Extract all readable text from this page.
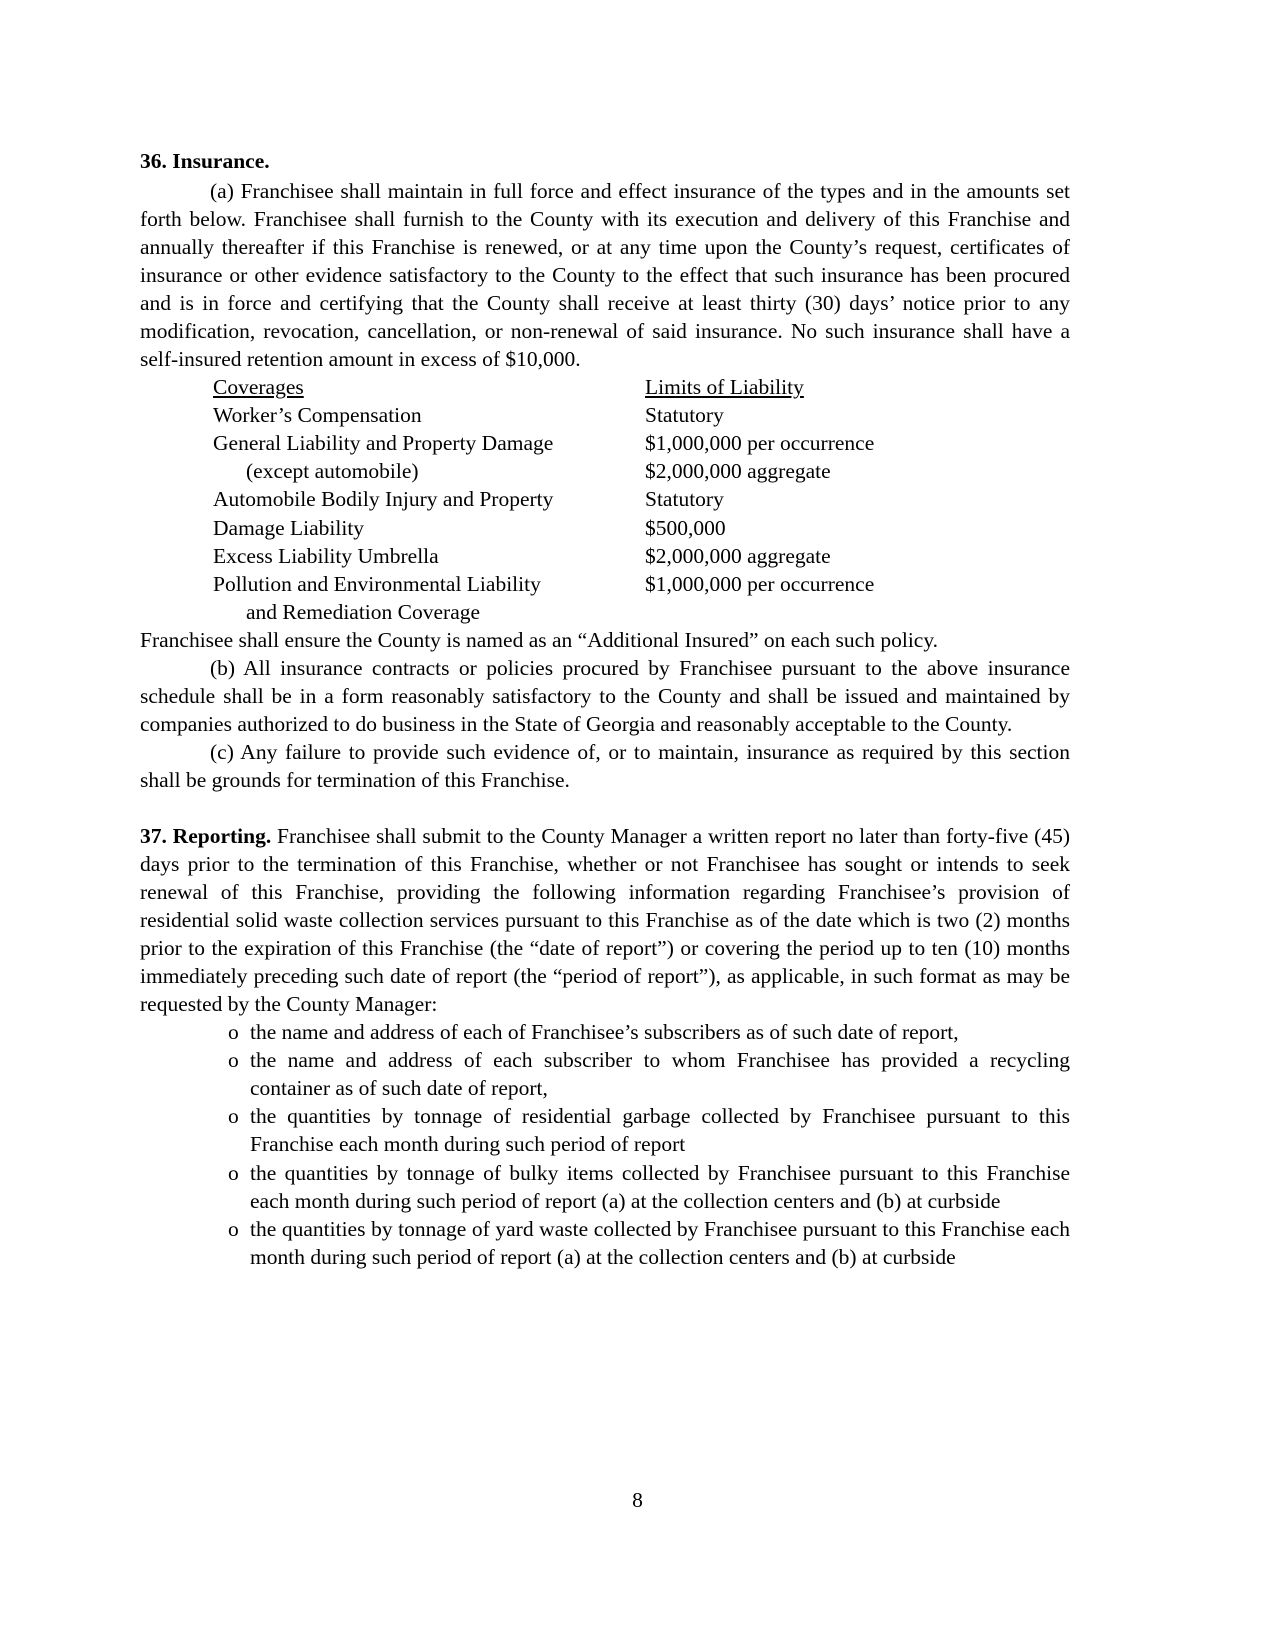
36. Insurance.

(a) Franchisee shall maintain in full force and effect insurance of the types and in the amounts set forth below. Franchisee shall furnish to the County with its execution and delivery of this Franchise and annually thereafter if this Franchise is renewed, or at any time upon the County’s request, certificates of insurance or other evidence satisfactory to the County to the effect that such insurance has been procured and is in force and certifying that the County shall receive at least thirty (30) days’ notice prior to any modification, revocation, cancellation, or non-renewal of said insurance. No such insurance shall have a self-insured retention amount in excess of $10,000.

Coverages	Limits of Liability
Worker’s Compensation	Statutory
General Liability and Property Damage	$1,000,000 per occurrence
(except automobile)	$2,000,000 aggregate
Automobile Bodily Injury and Property	Statutory
Damage Liability	$500,000
Excess Liability Umbrella	$2,000,000 aggregate
Pollution and Environmental Liability	$1,000,000 per occurrence
and Remediation Coverage	

Franchisee shall ensure the County is named as an “Additional Insured” on each such policy.

(b) All insurance contracts or policies procured by Franchisee pursuant to the above insurance schedule shall be in a form reasonably satisfactory to the County and shall be issued and maintained by companies authorized to do business in the State of Georgia and reasonably acceptable to the County.

(c) Any failure to provide such evidence of, or to maintain, insurance as required by this section shall be grounds for termination of this Franchise.

37. Reporting. Franchisee shall submit to the County Manager a written report no later than forty-five (45) days prior to the termination of this Franchise, whether or not Franchisee has sought or intends to seek renewal of this Franchise, providing the following information regarding Franchisee’s provision of residential solid waste collection services pursuant to this Franchise as of the date which is two (2) months prior to the expiration of this Franchise (the “date of report”) or covering the period up to ten (10) months immediately preceding such date of report (the “period of report”), as applicable, in such format as may be requested by the County Manager:

o the name and address of each of Franchisee’s subscribers as of such date of report,
o the name and address of each subscriber to whom Franchisee has provided a recycling container as of such date of report,
o the quantities by tonnage of residential garbage collected by Franchisee pursuant to this Franchise each month during such period of report
o the quantities by tonnage of bulky items collected by Franchisee pursuant to this Franchise each month during such period of report (a) at the collection centers and (b) at curbside
o the quantities by tonnage of yard waste collected by Franchisee pursuant to this Franchise each month during such period of report (a) at the collection centers and (b) at curbside
8
